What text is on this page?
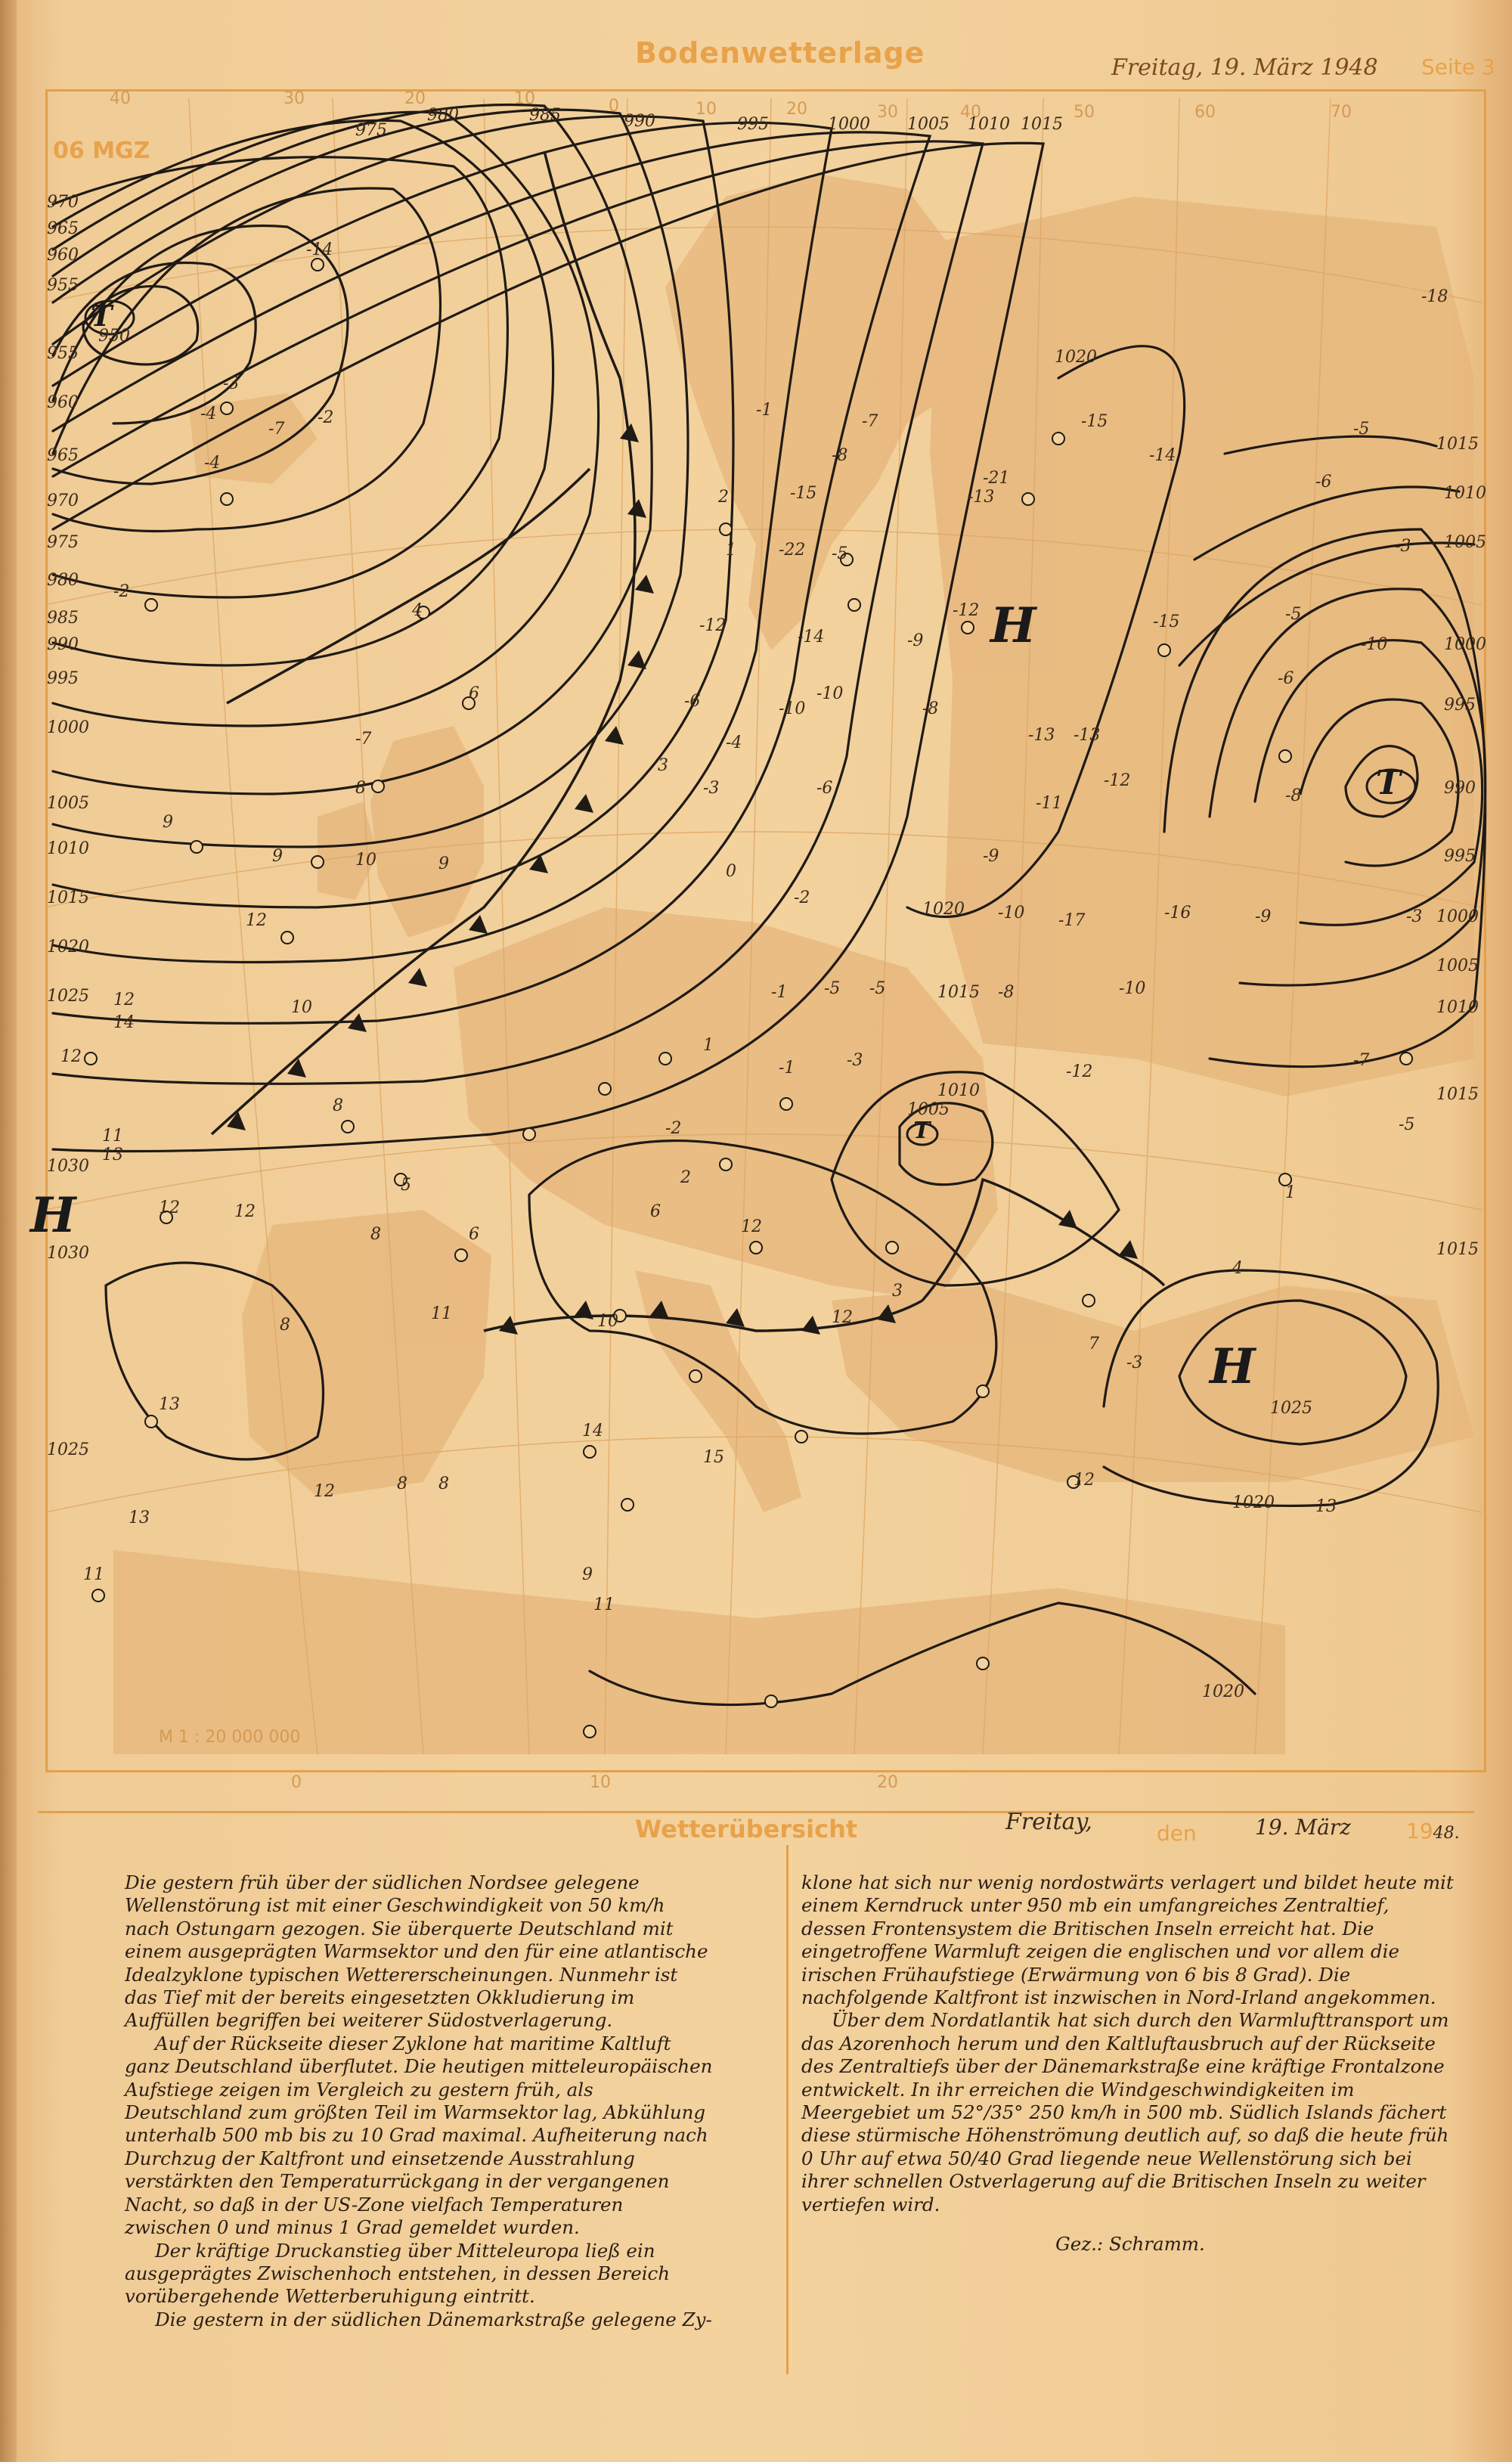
Bodenwetterlage	Freitag, 19. März 1948 Seite 3
06 MGZ
M 1 : 20 000 000
40	30	20	10	0	10	20	30	40	50	60	70
0	10	20
970
965
960
955
955
960
965
970
975
980
985
990
995
1000
1005
1010
1015
1020
1025
1030
1030
1025
975
980	985	990	995	1000 1005 1010 1015
1015
1010
1005
1000
995
990
995
1000
1005
1010
1015
1015
950
1020
1020
1015
1010
1005
1025
1020
1020
T
H
T
H
T
H
-14
-3
-4	-2
-7
-4
-2
4
6
-7
8
9
9	10	9
12
12
14
12
12
11
13
12
10
8
5
6
8
11
8
13
15
12	8 8
13
11
-1
2
1	-22 -5
-15
-8
-7
-12
-14
-10
-10
-6
3
-3
-4
-6
0
-2
-1
1
-1
-5 -5
-3
-2
2
6
12
10
14
12
9
11
-13
-9
-8
-12
-21
-15
-14
-13
-11
-9
-13
-12
-17
-10
-8	-10
-12
-16
-15
-18
-5
-6
-3
-5
-10
-6
-9
-8
-3
-7
-5
1
4
-3
13
12
7
3
Wetterübersicht	Freitay,	den	19. März	1948.

Die gestern früh über der südlichen Nordsee gelegene Wellenstörung ist mit einer Geschwindigkeit von 50 km/h nach Ostungarn gezogen. Sie überquerte Deutschland mit einem ausgeprägten Warmsektor und den für eine atlantische Idealzyklone typischen Wettererscheinungen. Nunmehr ist das Tief mit der bereits eingesetzten Okkludierung im Auffüllen begriffen bei weiterer Südostverlagerung.

Auf der Rückseite dieser Zyklone hat maritime Kaltluft ganz Deutschland überflutet. Die heutigen mitteleuropäischen Aufstiege zeigen im Vergleich zu gestern früh, als Deutschland zum größten Teil im Warmsektor lag, Abkühlung unterhalb 500 mb bis zu 10 Grad maximal. Aufheiterung nach Durchzug der Kaltfront und einsetzende Ausstrahlung verstärkten den Temperaturrückgang in der vergangenen Nacht, so daß in der US-Zone vielfach Temperaturen zwischen 0 und minus 1 Grad gemeldet wurden.

Der kräftige Druckanstieg über Mitteleuropa ließ ein ausgeprägtes Zwischenhoch entstehen, in dessen Bereich vorübergehende Wetterberuhigung eintritt.

Die gestern in der südlichen Dänemarkstraße gelegene Zy-

klone hat sich nur wenig nordostwärts verlagert und bildet heute mit einem Kerndruck unter 950 mb ein umfangreiches Zentraltief, dessen Frontensystem die Britischen Inseln erreicht hat. Die eingetroffene Warmluft zeigen die englischen und vor allem die irischen Frühaufstiege (Erwärmung von 6 bis 8 Grad). Die nachfolgende Kaltfront ist inzwischen in Nord-Irland angekommen.

Über dem Nordatlantik hat sich durch den Warmlufttransport um das Azorenhoch herum und den Kaltluftausbruch auf der Rückseite des Zentraltiefs über der Dänemarkstraße eine kräftige Frontalzone entwickelt. In ihr erreichen die Windgeschwindigkeiten im Meergebiet um 52°/35° 250 km/h in 500 mb. Südlich Islands fächert diese stürmische Höhenströmung deutlich auf, so daß die heute früh 0 Uhr auf etwa 50/40 Grad liegende neue Wellenstörung sich bei ihrer schnellen Ostverlagerung auf die Britischen Inseln zu weiter vertiefen wird.

Gez.: Schramm.
